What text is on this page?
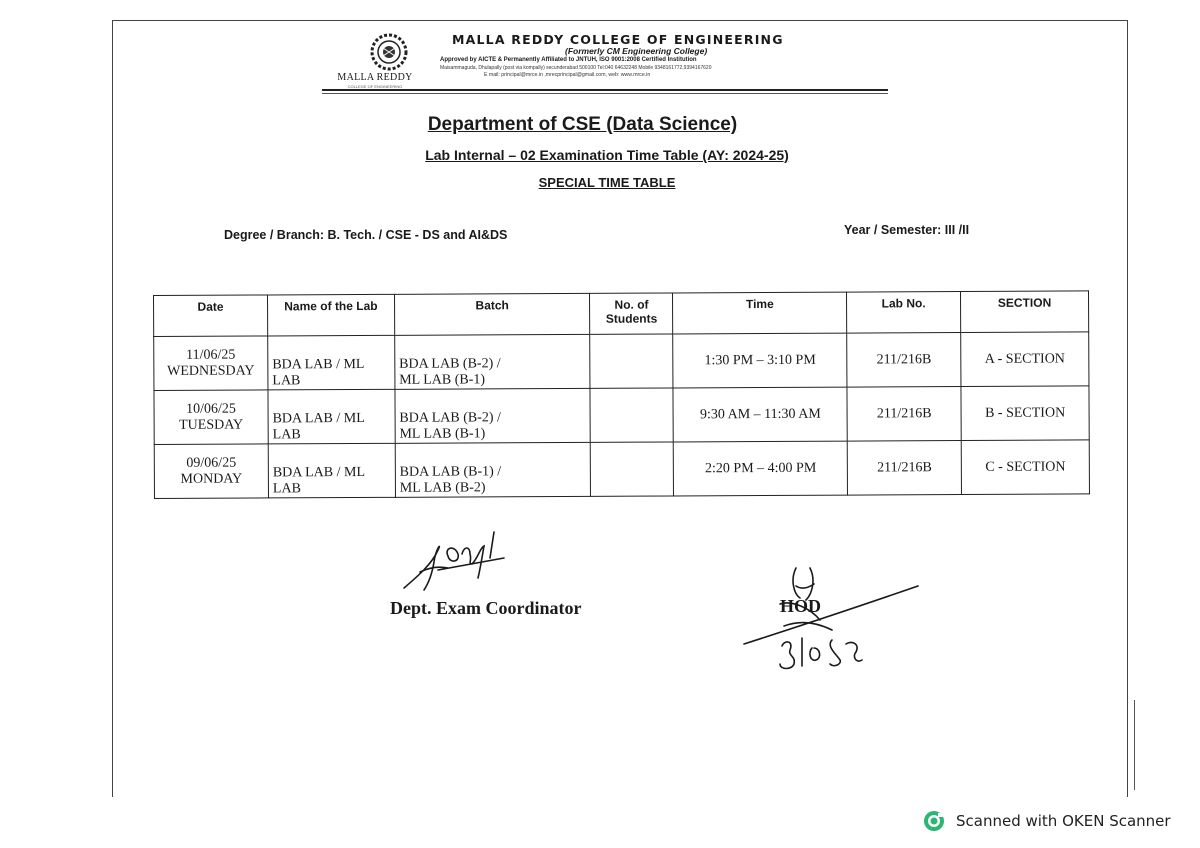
MALLA REDDY
COLLEGE OF ENGINEERING
MALLA REDDY COLLEGE OF ENGINEERING
(Formerly CM Engineering College)
Approved by AICTE & Permanently Affiliated to JNTUH, ISO 9001:2008 Certified Institution
Maisammaguda, Dhulapally (post via kompally) secunderabad 500100 Tel:040 64632248 Mobile 9348161772,9394167620
E mail: principal@mrce.in ,mrecprincipal@gmail.com, web: www.mrce.in
Department of CSE (Data Science)
Lab Internal – 02 Examination Time Table (AY: 2024-25)
SPECIAL TIME TABLE
Degree / Branch: B. Tech. / CSE - DS and AI&DS	Year / Semester: III /II
Date	Name of the Lab	Batch	No. of Students	Time	Lab No.	SECTION
11/06/25
WEDNESDAY	BDA LAB / ML LAB	BDA LAB (B-2) /
ML LAB (B-1)		1:30 PM – 3:10 PM	211/216B	A - SECTION
10/06/25
TUESDAY	BDA LAB / ML LAB	BDA LAB (B-2) /
ML LAB (B-1)		9:30 AM – 11:30 AM	211/216B	B - SECTION
09/06/25
MONDAY	BDA LAB / ML LAB	BDA LAB (B-1) /
ML LAB (B-2)		2:20 PM – 4:00 PM	211/216B	C - SECTION
Dept. Exam Coordinator	HOD
Scanned with OKEN Scanner
